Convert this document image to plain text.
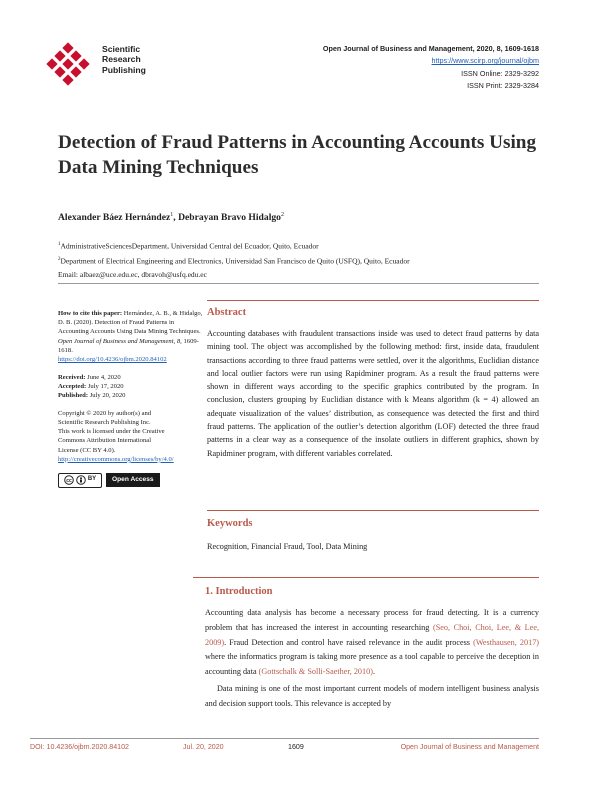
Scientific
Research
Publishing
Open Journal of Business and Management, 2020, 8, 1609-1618
https://www.scirp.org/journal/ojbm
ISSN Online: 2329-3292
ISSN Print: 2329-3284
Detection of Fraud Patterns in Accounting Accounts Using Data Mining Techniques
Alexander Báez Hernández$^1$, Debrayan Bravo Hidalgo$^2$
$^1$AdministrativeSciencesDepartment, Universidad Central del Ecuador, Quito, Ecuador
$^2$Department of Electrical Engineering and Electronics, Universidad San Francisco de Quito (USFQ), Quito, Ecuador
Email: albaez@uce.edu.ec, dbravoh@usfq.edu.ec

How to cite this paper: Hernández, A. B., & Hidalgo, D. B. (2020). Detection of Fraud Patterns in Accounting Accounts Using Data Mining Techniques. Open Journal of Business and Management, 8, 1609-1618.
https://doi.org/10.4236/ojbm.2020.84102

Received: June 4, 2020
Accepted: July 17, 2020
Published: July 20, 2020

Copyright © 2020 by author(s) and
Scientific Research Publishing Inc.
This work is licensed under the Creative
Commons Attribution International
License (CC BY 4.0).
http://creativecommons.org/licenses/by/4.0/

cc	BY	Open Access
Abstract

Accounting databases with fraudulent transactions inside was used to detect fraud patterns by data mining tool. The object was accomplished by the following method: first, inside data, fraudulent transactions according to three fraud patterns were settled, over it the algorithms, Euclidian distance and local outlier factors were run using Rapidminer program. As a result the fraud patterns were shown in different ways according to the specific graphics contributed by the program. In conclusion, clusters grouping by Euclidian distance with k Means algorithm (k = 4) allowed an adequate visualization of the values’ distribution, as consequence was detected the first and third fraud patterns. The application of the outlier’s detection algorithm (LOF) detected the three fraud patterns in a clear way as a consequence of the insolate outliers in different graphics, shown by Rapidminer program, with different variables correlated.

Keywords
Recognition, Financial Fraud, Tool, Data Mining
1. Introduction

Accounting data analysis has become a necessary process for fraud detecting. It is a currency problem that has increased the interest in accounting researching (Seo, Choi, Choi, Lee, & Lee, 2009). Fraud Detection and control have raised relevance in the audit process (Westhausen, 2017) where the informatics program is taking more presence as a tool capable to perceive the deception in accounting data (Gottschalk & Solli-Saether, 2010).

Data mining is one of the most important current models of modern intelligent business analysis and decision support tools. This relevance is accepted by

DOI: 10.4236/ojbm.2020.84102	Jul. 20, 2020	1609	Open Journal of Business and Management
